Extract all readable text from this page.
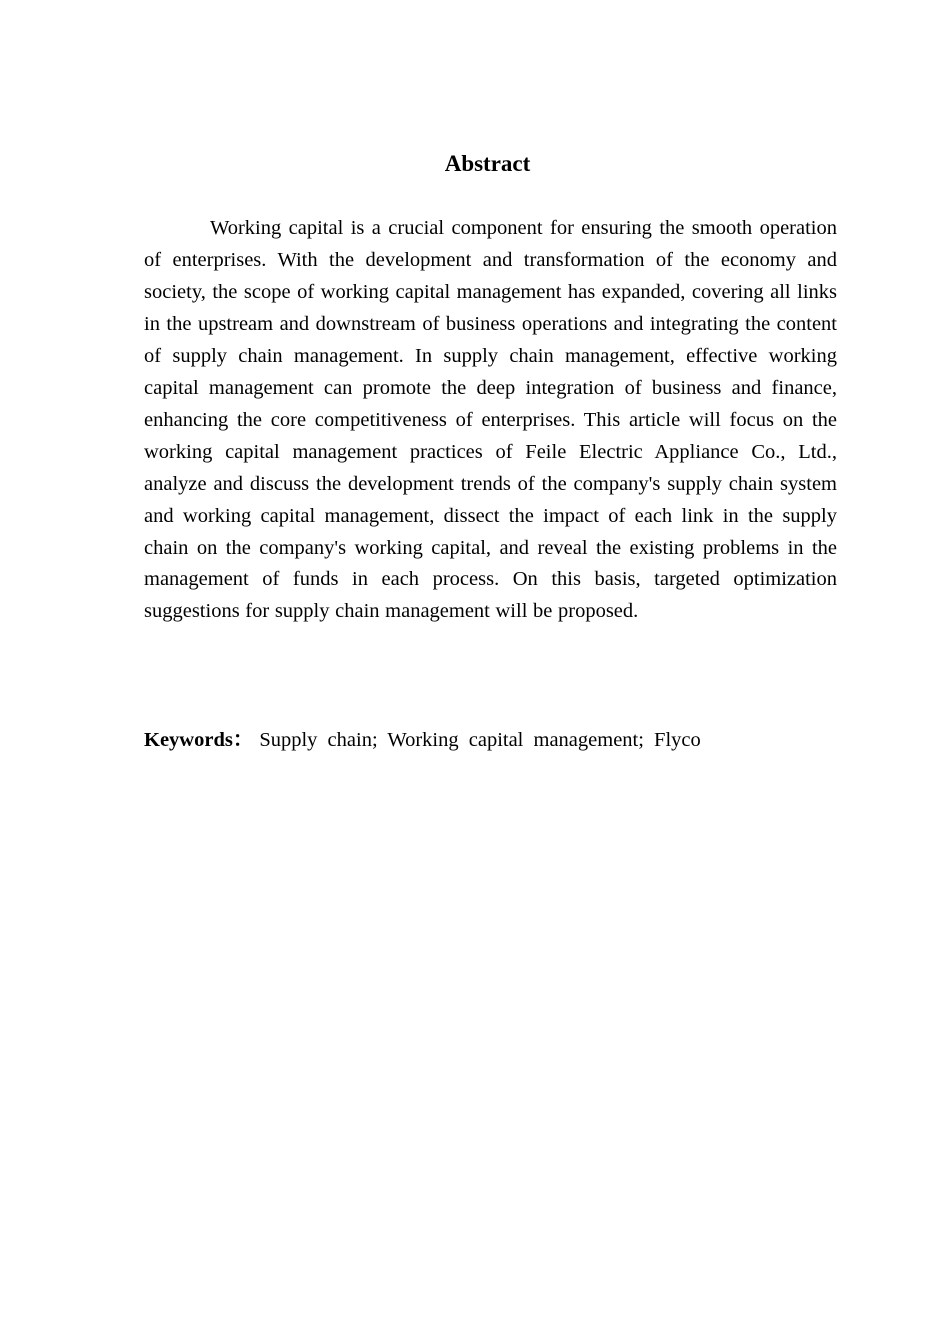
Abstract

Working capital is a crucial component for ensuring the smooth operation of enterprises. With the development and transformation of the economy and society, the scope of working capital management has expanded, covering all links in the upstream and downstream of business operations and integrating the content of supply chain management. In supply chain management, effective working capital management can promote the deep integration of business and finance, enhancing the core competitiveness of enterprises. This article will focus on the working capital management practices of Feile Electric Appliance Co., Ltd., analyze and discuss the development trends of the company's supply chain system and working capital management, dissect the impact of each link in the supply chain on the company's working capital, and reveal the existing problems in the management of funds in each process. On this basis, targeted optimization suggestions for supply chain management will be proposed.

Keywords： Supply chain; Working capital management; Flyco
